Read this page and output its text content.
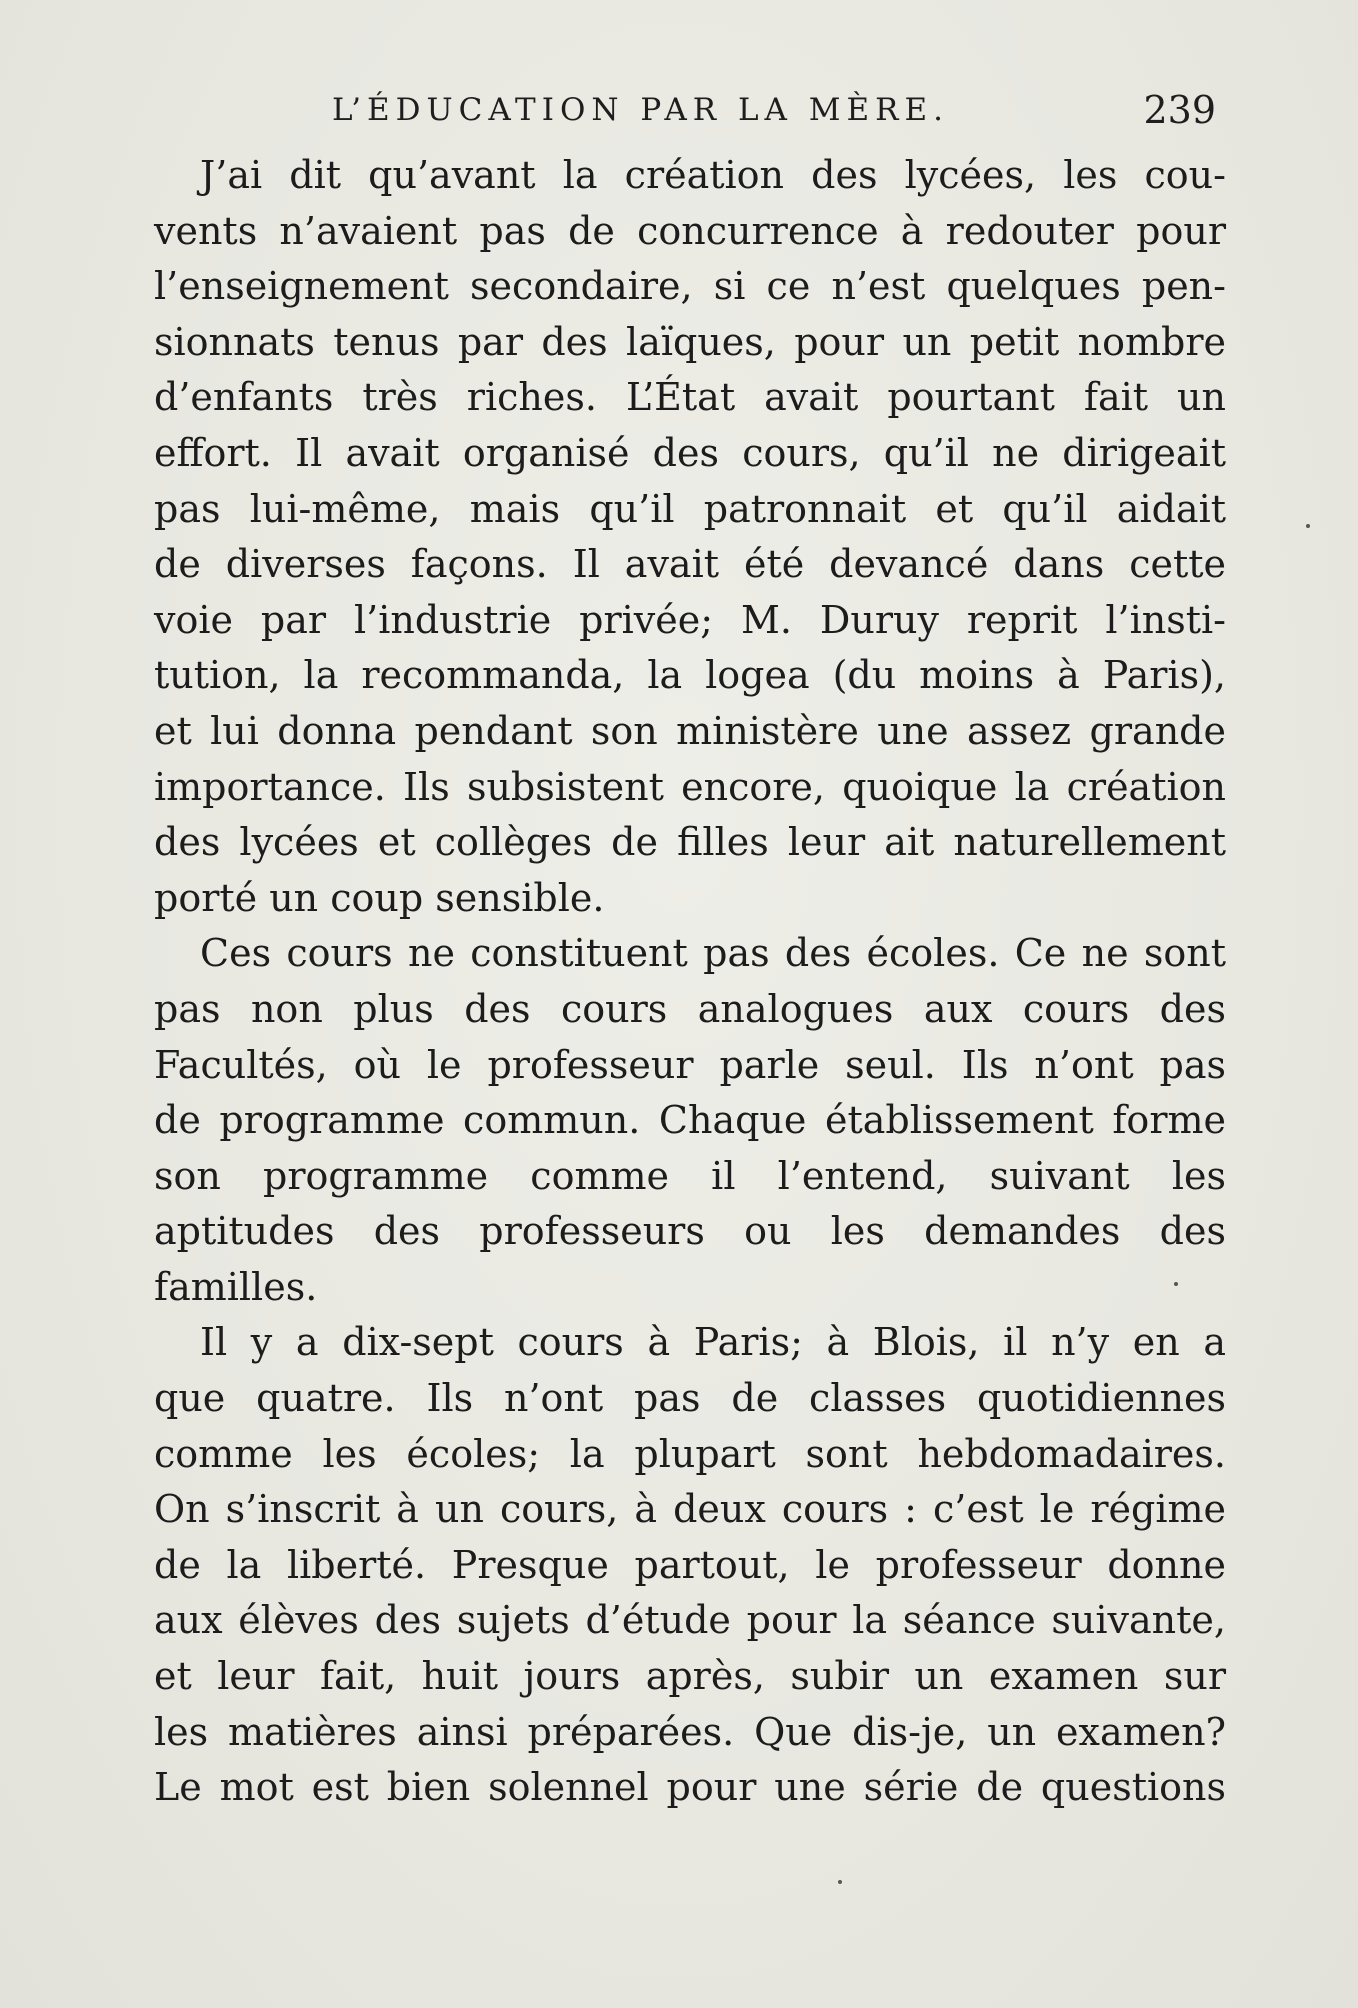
L’ÉDUCATION PAR LA MÈRE.	239
J’ai dit qu’avant la création des lycées, les cou-
vents n’avaient pas de concurrence à redouter pour
l’enseignement secondaire, si ce n’est quelques pen-
sionnats tenus par des laïques, pour un petit nombre
d’enfants très riches. L’État avait pourtant fait un
effort. Il avait organisé des cours, qu’il ne dirigeait
pas lui-même, mais qu’il patronnait et qu’il aidait
de diverses façons. Il avait été devancé dans cette
voie par l’industrie privée; M. Duruy reprit l’insti-
tution, la recommanda, la logea (du moins à Paris),
et lui donna pendant son ministère une assez grande
importance. Ils subsistent encore, quoique la création
des lycées et collèges de filles leur ait naturellement
porté un coup sensible.
Ces cours ne constituent pas des écoles. Ce ne sont
pas non plus des cours analogues aux cours des
Facultés, où le professeur parle seul. Ils n’ont pas
de programme commun. Chaque établissement forme
son programme comme il l’entend, suivant les
aptitudes des professeurs ou les demandes des
familles.
Il y a dix-sept cours à Paris; à Blois, il n’y en a
que quatre. Ils n’ont pas de classes quotidiennes
comme les écoles; la plupart sont hebdomadaires.
On s’inscrit à un cours, à deux cours : c’est le régime
de la liberté. Presque partout, le professeur donne
aux élèves des sujets d’étude pour la séance suivante,
et leur fait, huit jours après, subir un examen sur
les matières ainsi préparées. Que dis-je, un examen?
Le mot est bien solennel pour une série de questions
